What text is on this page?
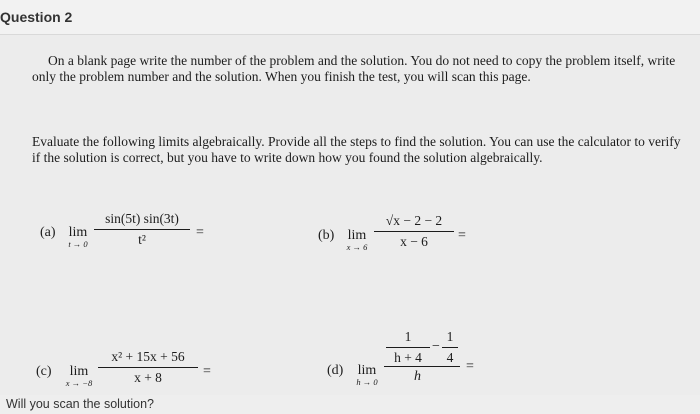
Question 2
On a blank page write the number of the problem and the solution. You do not need to copy the problem itself, write only the problem number and the solution. When you finish the test, you will scan this page.
Evaluate the following limits algebraically. Provide all the steps to find the solution. You can use the calculator to verify if the solution is correct, but you have to write down how you found the solution algebraically.
(a) lim
t → 0
sin(5t) sin(3t)
t²	=	(b) lim
x → 6
√x − 2 − 2
x − 6	=
(c)	lim
x → −8
x² + 15x + 56
x + 8	=	(d)	lim
h → 0
1
h + 4
−
1
4
h
=
Will you scan the solution?
